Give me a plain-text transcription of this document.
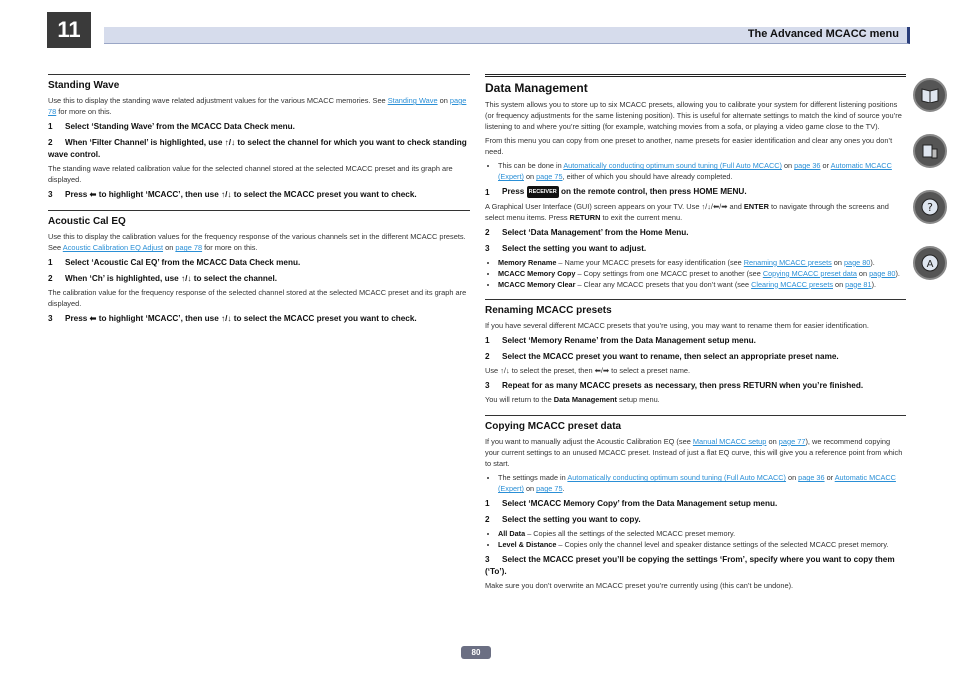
11	The Advanced MCACC menu
Standing Wave

Use this to display the standing wave related adjustment values for the various MCACC memories. See Standing Wave on page 78 for more on this.

1 Select ‘Standing Wave’ from the MCACC Data Check menu.
2 When ‘Filter Channel’ is highlighted, use ↑/↓ to select the channel for which you want to check standing wave control.

The standing wave related calibration value for the selected channel stored at the selected MCACC preset and its graph are displayed.

3 Press ⬅ to highlight ‘MCACC’, then use ↑/↓ to select the MCACC preset you want to check.
Acoustic Cal EQ

Use this to display the calibration values for the frequency response of the various channels set in the different MCACC presets. See Acoustic Calibration EQ Adjust on page 78 for more on this.

1 Select ‘Acoustic Cal EQ’ from the MCACC Data Check menu.
2 When ‘Ch’ is highlighted, use ↑/↓ to select the channel.

The calibration value for the frequency response of the selected channel stored at the selected MCACC preset and its graph are displayed.

3 Press ⬅ to highlight ‘MCACC’, then use ↑/↓ to select the MCACC preset you want to check.
Data Management

This system allows you to store up to six MCACC presets, allowing you to calibrate your system for different listening positions (or frequency adjustments for the same listening position). This is useful for alternate settings to match the kind of source you’re listening to and where you’re sitting (for example, watching movies from a sofa, or playing a video game close to the TV).

From this menu you can copy from one preset to another, name presets for easier identification and clear any ones you don’t need.

• This can be done in Automatically conducting optimum sound tuning (Full Auto MCACC) on page 36 or Automatic MCACC (Expert) on page 75, either of which you should have already completed.
1 Press RECEIVER on the remote control, then press HOME MENU.

A Graphical User Interface (GUI) screen appears on your TV. Use ↑/↓/⬅/➡ and ENTER to navigate through the screens and select menu items. Press RETURN to exit the current menu.

2 Select ‘Data Management’ from the Home Menu.
3 Select the setting you want to adjust.
• Memory Rename – Name your MCACC presets for easy identification (see Renaming MCACC presets on page 80).
• MCACC Memory Copy – Copy settings from one MCACC preset to another (see Copying MCACC preset data on page 80).
• MCACC Memory Clear – Clear any MCACC presets that you don’t want (see Clearing MCACC presets on page 81).
Renaming MCACC presets

If you have several different MCACC presets that you’re using, you may want to rename them for easier identification.

1 Select ‘Memory Rename’ from the Data Management setup menu.
2 Select the MCACC preset you want to rename, then select an appropriate preset name.

Use ↑/↓ to select the preset, then ⬅/➡ to select a preset name.

3 Repeat for as many MCACC presets as necessary, then press RETURN when you’re finished.

You will return to the Data Management setup menu.

Copying MCACC preset data

If you want to manually adjust the Acoustic Calibration EQ (see Manual MCACC setup on page 77), we recommend copying your current settings to an unused MCACC preset. Instead of just a flat EQ curve, this will give you a reference point from which to start.

• The settings made in Automatically conducting optimum sound tuning (Full Auto MCACC) on page 36 or Automatic MCACC (Expert) on page 75.
1 Select ‘MCACC Memory Copy’ from the Data Management setup menu.
2 Select the setting you want to copy.
• All Data – Copies all the settings of the selected MCACC preset memory.
• Level & Distance – Copies only the channel level and speaker distance settings of the selected MCACC preset memory.
3 Select the MCACC preset you’ll be copying the settings ‘From’, specify where you want to copy them (‘To’).

Make sure you don’t overwrite an MCACC preset you’re currently using (this can’t be undone).

?
A
80
